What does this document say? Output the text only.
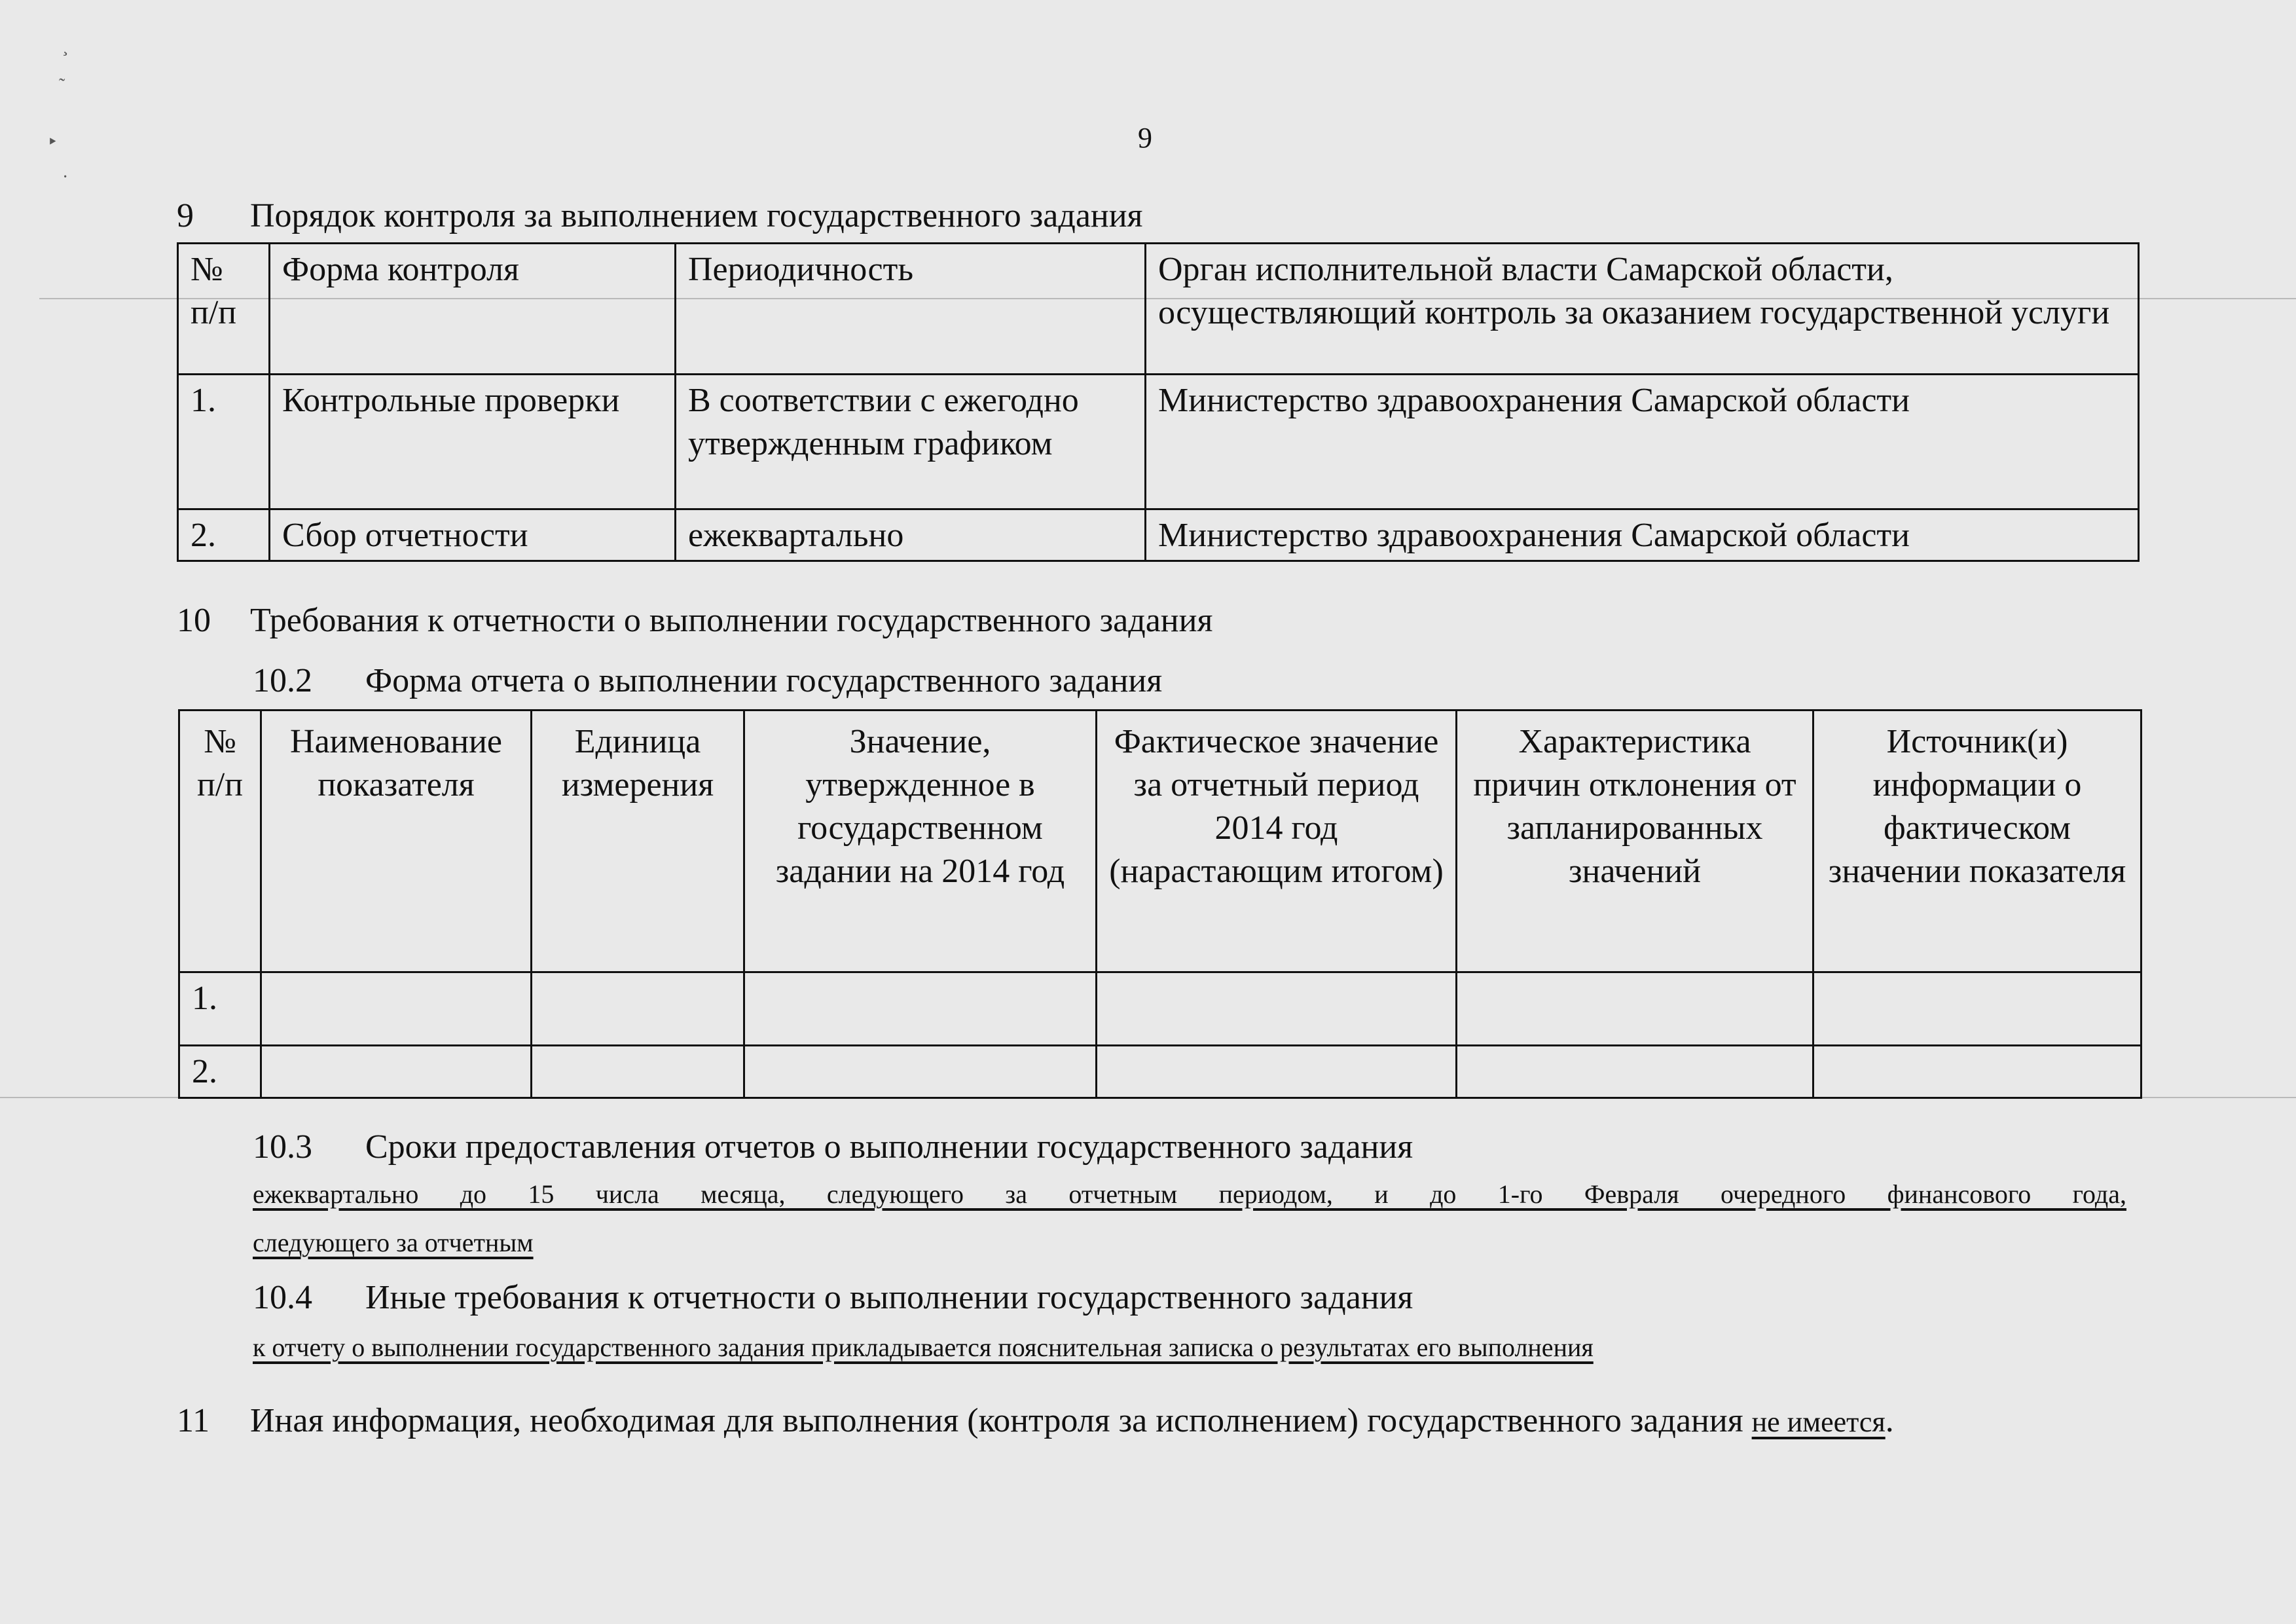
¸
˜
‣
·
9
9 Порядок контроля за выполнением государственного задания
№ п/п	Форма контроля	Периодичность	Орган исполнительной власти Самарской области, осуществляющий контроль за оказанием государственной услуги
1.	Контрольные проверки	В соответствии с ежегодно утвержденным графиком	Министерство здравоохранения Самарской области
2.	Сбор отчетности	ежеквартально	Министерство здравоохранения Самарской области
10 Требования к отчетности о выполнении государственного задания
10.2 Форма отчета о выполнении государственного задания
№ п/п	Наименование показателя	Единица измерения	Значение, утвержденное в государственном задании на 2014 год	Фактическое значение за отчетный период 2014 год (нарастающим итогом)	Характеристика причин отклонения от запланированных значений	Источник(и) информации о фактическом значении показателя
1.						
2.						
10.3 Сроки предоставления отчетов о выполнении государственного задания
ежеквартально до 15 числа месяца, следующего за отчетным периодом, и до 1-го Февраля очередного финансового года,
следующего за отчетным
10.4 Иные требования к отчетности о выполнении государственного задания
к отчету о выполнении государственного задания прикладывается пояснительная записка о результатах его выполнения
11 Иная информация, необходимая для выполнения (контроля за исполнением) государственного задания не имеется.
